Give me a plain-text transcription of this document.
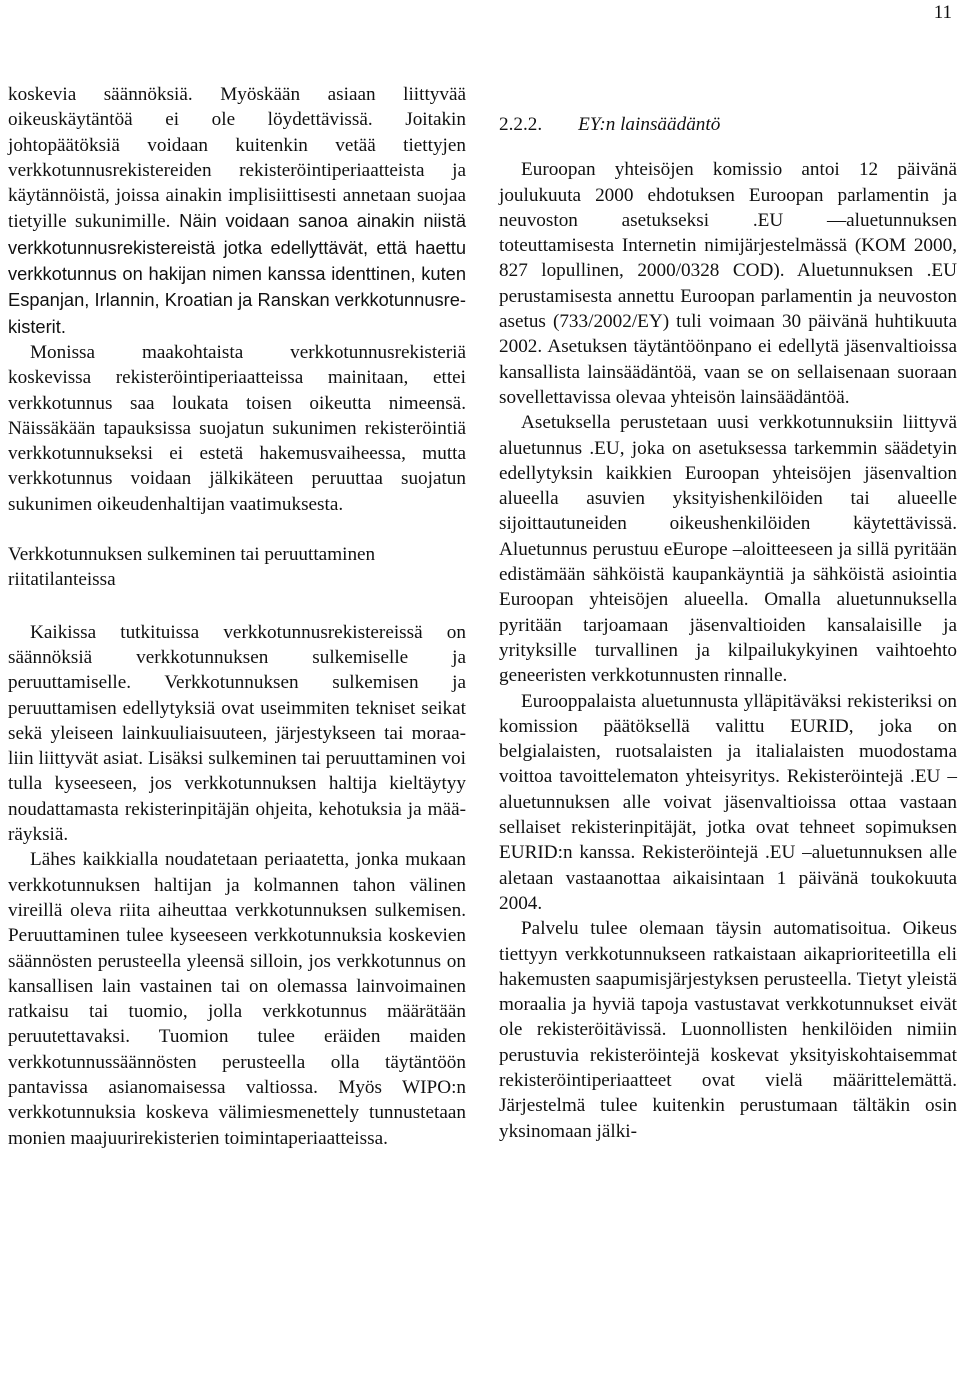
11

koskevia säännöksiä. Myöskään asiaan liittyvää oikeuskäytäntöä ei ole löydettävissä. Joitakin johtopäätöksiä voidaan kuitenkin vetää tiettyjen verkkotunnusrekistereiden rekisteröintiperiaatteista ja käytännöistä, joissa ainakin implisiittisesti annetaan suojaa tietyille sukunimille. Näin voidaan sanoa ainakin niistä verkkotunnusrekistereistä jotka edellyttävät, että haettu verkkotunnus on hakijan nimen kanssa identtinen, kuten Espanjan, Irlannin, Kroatian ja Ranskan verkkotunnusrekisterit.

Monissa maakohtaista verkkotunnusrekisteriä koskevissa rekisteröintiperiaatteissa mainitaan, ettei verkkotunnus saa loukata toisen oikeutta nimeensä. Näissäkään tapauksissa suojatun sukunimen rekisteröintiä verkkotunnukseksi ei estetä hakemusvaiheessa, mutta verkkotunnus voidaan jälkikäteen peruuttaa suojatun sukunimen oikeudenhaltijan vaatimuksesta.

Verkkotunnuksen sulkeminen tai peruuttaminen riitatilanteissa

Kaikissa tutkituissa verkkotunnusrekistereissä on säännöksiä verkkotunnuksen sulkemiselle ja peruuttamiselle. Verkkotunnuksen sulkemisen ja peruuttamisen edellytyksiä ovat useimmiten tekniset seikat sekä yleiseen lainkuuliaisuuteen, järjestykseen tai moraaliin liittyvät asiat. Lisäksi sulkeminen tai peruuttaminen voi tulla kyseeseen, jos verkkotunnuksen haltija kieltäytyy noudattamasta rekisterinpitäjän ohjeita, kehotuksia ja määräyksiä.

Lähes kaikkialla noudatetaan periaatetta, jonka mukaan verkkotunnuksen haltijan ja kolmannen tahon välinen vireillä oleva riita aiheuttaa verkkotunnuksen sulkemisen. Peruuttaminen tulee kyseeseen verkkotunnuksia koskevien säännösten perusteella yleensä silloin, jos verkkotunnus on kansallisen lain vastainen tai on olemassa lainvoimainen ratkaisu tai tuomio, jolla verkkotunnus määrätään peruutettavaksi. Tuomion tulee eräiden maiden verkkotunnussäännösten perusteella olla täytäntöön pantavissa asianomaisessa valtiossa. Myös WIPO:n verkkotunnuksia koskeva välimiesmenettely tunnustetaan monien maajuurirekisterien toimintaperiaatteissa.

2.2.2. EY:n lainsäädäntö

Euroopan yhteisöjen komissio antoi 12 päivänä joulukuuta 2000 ehdotuksen Euroopan parlamentin ja neuvoston asetukseksi .EU —aluetunnuksen toteuttamisesta Internetin nimijärjestelmässä (KOM 2000, 827 lopullinen, 2000/0328 COD). Aluetunnuksen .EU perustamisesta annettu Euroopan parlamentin ja neuvoston asetus (733/2002/EY) tuli voimaan 30 päivänä huhtikuuta 2002. Asetuksen täytäntöönpano ei edellytä jäsenvaltioissa kansallista lainsäädäntöä, vaan se on sellaisenaan suoraan sovellettavissa olevaa yhteisön lainsäädäntöä.

Asetuksella perustetaan uusi verkkotunnuksiin liittyvä aluetunnus .EU, joka on asetuksessa tarkemmin säädetyin edellytyksin kaikkien Euroopan yhteisöjen jäsenvaltion alueella asuvien yksityishenkilöiden tai alueelle sijoittautuneiden oikeushenkilöiden käytettävissä. Aluetunnus perustuu eEurope –aloitteeseen ja sillä pyritään edistämään sähköistä kaupankäyntiä ja sähköistä asiointia Euroopan yhteisöjen alueella. Omalla aluetunnuksella pyritään tarjoamaan jäsenvaltioiden kansalaisille ja yrityksille turvallinen ja kilpailukykyinen vaihtoehto geneeristen verkkotunnusten rinnalle.

Eurooppalaista aluetunnusta ylläpitäväksi rekisteriksi on komission päätöksellä valittu EURID, joka on belgialaisten, ruotsalaisten ja italialaisten muodostama voittoa tavoittelematon yhteisyritys. Rekisteröintejä .EU – aluetunnuksen alle voivat jäsenvaltioissa ottaa vastaan sellaiset rekisterinpitäjät, jotka ovat tehneet sopimuksen EURID:n kanssa. Rekisteröintejä .EU –aluetunnuksen alle aletaan vastaanottaa aikaisintaan 1 päivänä toukokuuta 2004.

Palvelu tulee olemaan täysin automatisoitua. Oikeus tiettyyn verkkotunnukseen ratkaistaan aikaprioriteetilla eli hakemusten saapumisjärjestyksen perusteella. Tietyt yleistä moraalia ja hyviä tapoja vastustavat verkkotunnukset eivät ole rekisteröitävissä. Luonnollisten henkilöiden nimiin perustuvia rekisteröintejä koskevat yksityiskohtaisemmat rekisteröintiperiaatteet ovat vielä määrittelemättä. Järjestelmä tulee kuitenkin perustumaan tältäkin osin yksinomaan jälki-
